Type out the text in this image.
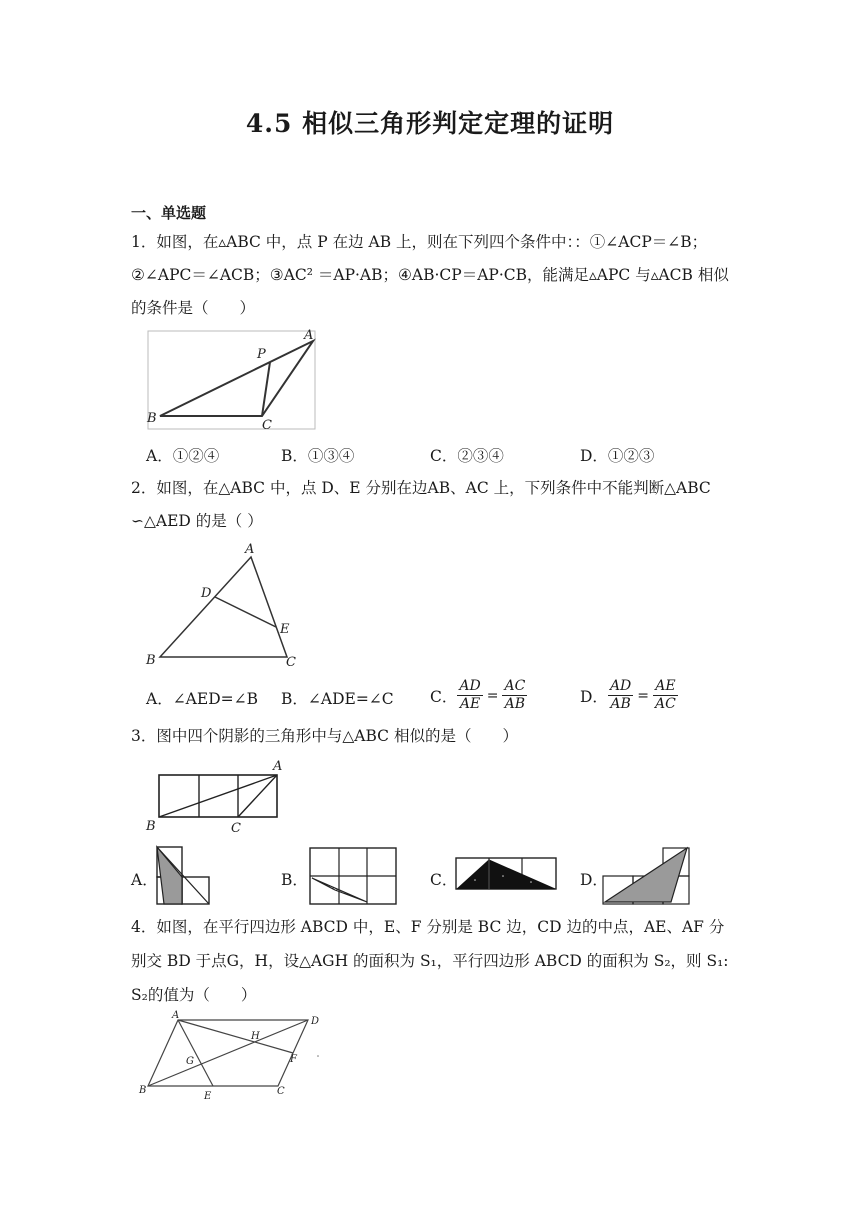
4.5 相似三角形判定定理的证明
一、单选题
1．如图，在▵ABC 中，点 P 在边 AB 上，则在下列四个条件中：：①∠ACP＝∠B；
②∠APC＝∠ACB；③AC² ＝AP·AB；④AB·CP＝AP·CB，能满足▵APC 与▵ACB 相似
的条件是（　　）
A
P
B	C
A．①②④	B．①③④	C．②③④	D．①②③
2．如图，在△ABC 中，点 D、E 分别在边AB、AC 上，下列条件中不能判断△ABC
∽△AED 的是（ ）
A
D
E
B	C
A．∠AED=∠B B．∠ADE=∠C C． $\frac{AD}{AE} = \frac{AC}{AB}$	D． $\frac{AD}{AB} = \frac{AE}{AC}$
3．图中四个阴影的三角形中与△ABC 相似的是（　　）
A
B	C
A．	B．	C．	D．
4．如图，在平行四边形 ABCD 中，E、F 分别是 BC 边，CD 边的中点，AE、AF 分
别交 BD 于点G，H，设△AGH 的面积为 S₁，平行四边形 ABCD 的面积为 S₂，则 S₁:
S₂的值为（　　）
A
D
H
G	F
B
E	C
